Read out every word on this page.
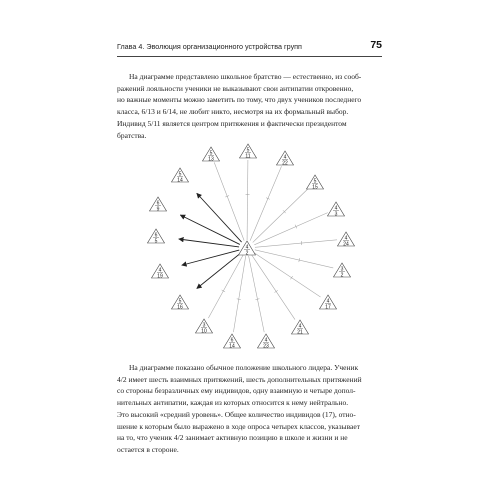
Глава 4. Эволюция организационного устройства групп	75
На диаграмме представлено школьное братство — естественно, из сооб-
ражений лояльности ученики не выказывают свои антипатии откровенно,
но важные моменты можно заметить по тому, что двух учеников последнего
класса, 6/13 и 6/14, не любит никто, несмотря на их формальный выбор.
Индивид 5/11 является центром притяжения и фактически президентом
братства.
5
11	4
22
5
15
4
3
4
24
3
2
4
17
4
21
4
23
6
14
3
10
5
16
4
19
6
5
6
9
5
14
5
13
4
2
На диаграмме показано обычное положение школьного лидера. Ученик
4/2 имеет шесть взаимных притяжений, шесть дополнительных притяжений
со стороны безразличных ему индивидов, одну взаимную и четыре допол-
нительных антипатии, каждая из которых относится к нему нейтрально.
Это высокий «средний уровень». Общее количество индивидов (17), отно-
шение к которым было выражено в ходе опроса четырех классов, указывает
на то, что ученик 4/2 занимает активную позицию в школе и жизни и не
остается в стороне.
